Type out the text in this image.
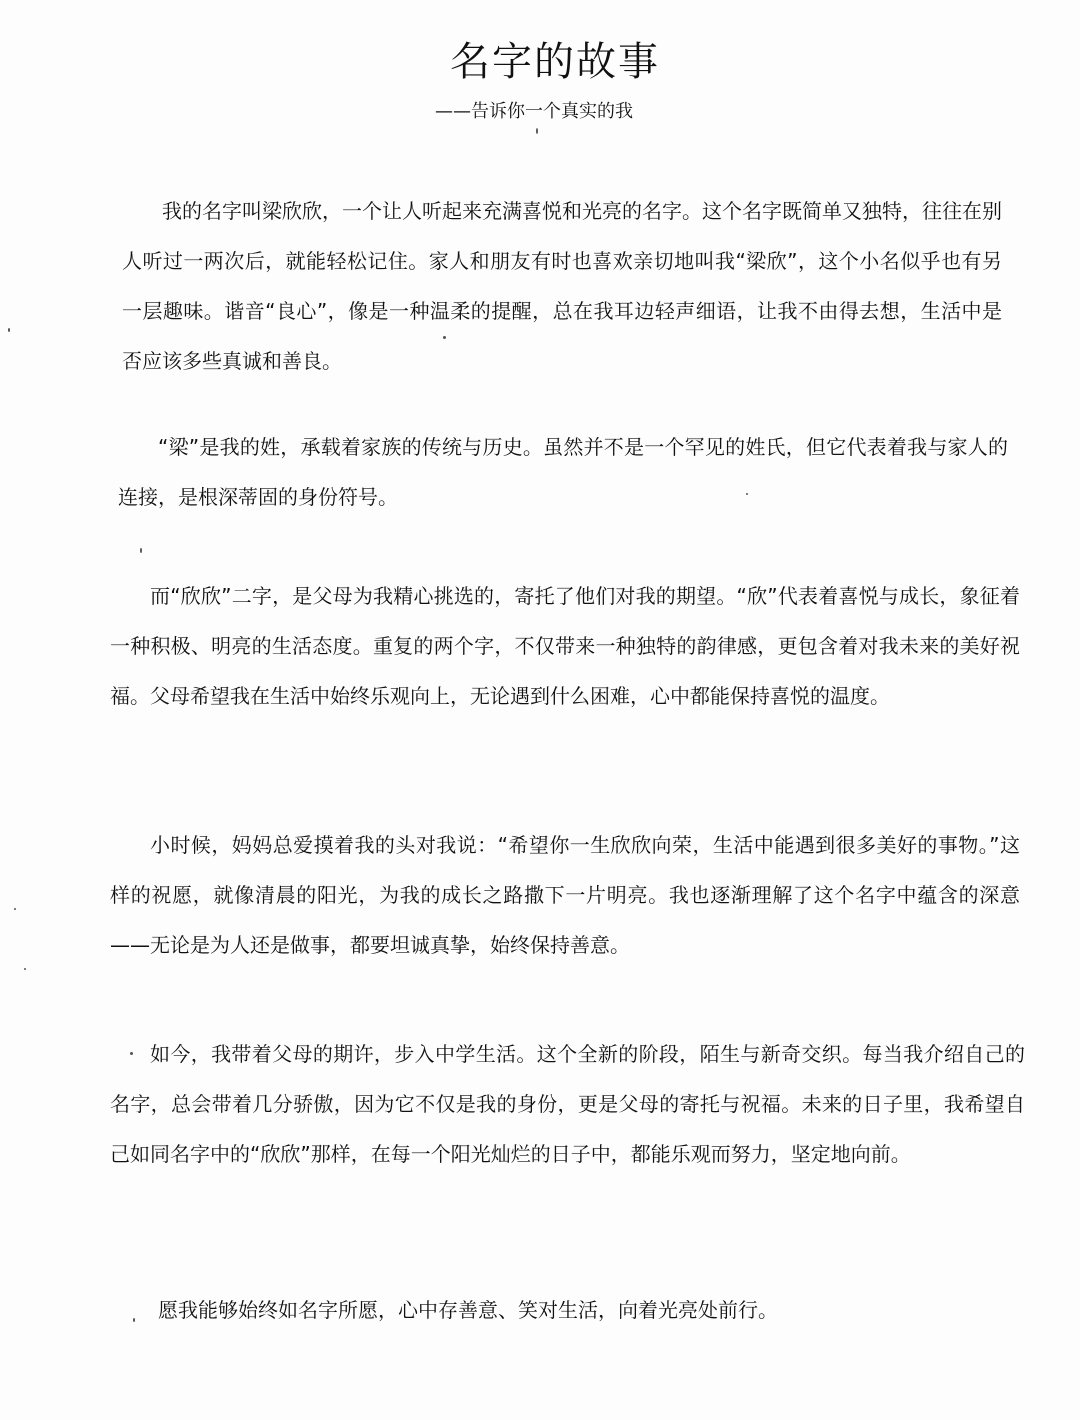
名字的故事
——告诉你一个真实的我

我的名字叫梁欣欣，一个让人听起来充满喜悦和光亮的名字。这个名字既简单又独特，往往在别人听过一两次后，就能轻松记住。家人和朋友有时也喜欢亲切地叫我“梁欣”，这个小名似乎也有另一层趣味。谐音“良心”，像是一种温柔的提醒，总在我耳边轻声细语，让我不由得去想，生活中是否应该多些真诚和善良。

“梁”是我的姓，承载着家族的传统与历史。虽然并不是一个罕见的姓氏，但它代表着我与家人的连接，是根深蒂固的身份符号。

而“欣欣”二字，是父母为我精心挑选的，寄托了他们对我的期望。“欣”代表着喜悦与成长，象征着一种积极、明亮的生活态度。重复的两个字，不仅带来一种独特的韵律感，更包含着对我未来的美好祝福。父母希望我在生活中始终乐观向上，无论遇到什么困难，心中都能保持喜悦的温度。

小时候，妈妈总爱摸着我的头对我说：“希望你一生欣欣向荣，生活中能遇到很多美好的事物。”这样的祝愿，就像清晨的阳光，为我的成长之路撒下一片明亮。我也逐渐理解了这个名字中蕴含的深意——无论是为人还是做事，都要坦诚真挚，始终保持善意。

如今，我带着父母的期许，步入中学生活。这个全新的阶段，陌生与新奇交织。每当我介绍自己的名字，总会带着几分骄傲，因为它不仅是我的身份，更是父母的寄托与祝福。未来的日子里，我希望自己如同名字中的“欣欣”那样，在每一个阳光灿烂的日子中，都能乐观而努力，坚定地向前。

愿我能够始终如名字所愿，心中存善意、笑对生活，向着光亮处前行。
